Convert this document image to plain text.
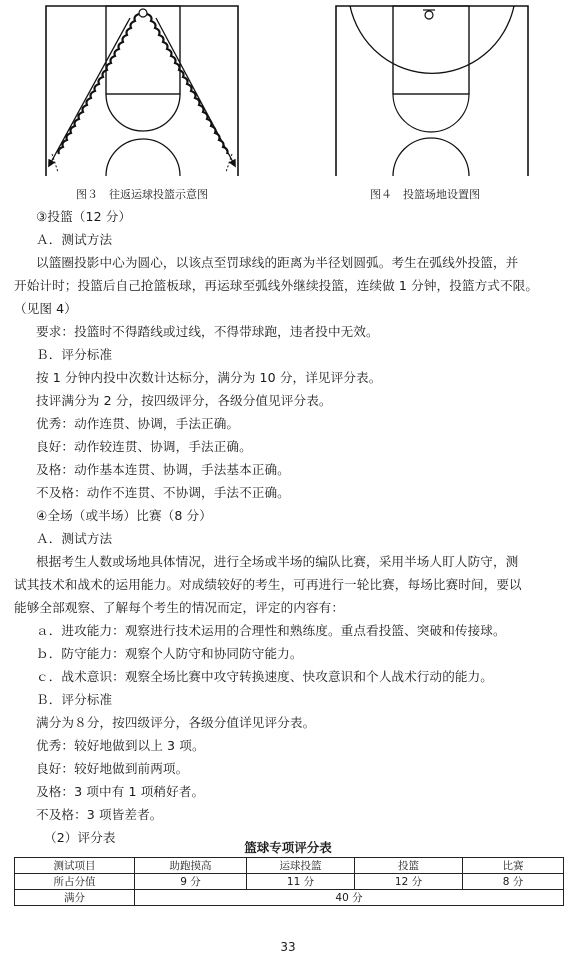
图３　往返运球投篮示意图	图４　投篮场地设置图
③投篮（12 分）
Ａ．测试方法
以篮圈投影中心为圆心，以该点至罚球线的距离为半径划圆弧。考生在弧线外投篮，并
开始计时；投篮后自己抢篮板球，再运球至弧线外继续投篮，连续做 1 分钟，投篮方式不限。
（见图 4）
要求：投篮时不得踏线或过线，不得带球跑，违者投中无效。
Ｂ．评分标准
按 1 分钟内投中次数计达标分，满分为 10 分，详见评分表。
技评满分为 2 分，按四级评分，各级分值见评分表。
优秀：动作连贯、协调，手法正确。
良好：动作较连贯、协调，手法正确。
及格：动作基本连贯、协调，手法基本正确。
不及格：动作不连贯、不协调，手法不正确。
④全场（或半场）比赛（8 分）
Ａ．测试方法
根据考生人数或场地具体情况，进行全场或半场的编队比赛，采用半场人盯人防守，测
试其技术和战术的运用能力。对成绩较好的考生，可再进行一轮比赛，每场比赛时间，要以
能够全部观察、了解每个考生的情况而定，评定的内容有：
ａ．进攻能力：观察进行技术运用的合理性和熟练度。重点看投篮、突破和传接球。
ｂ．防守能力：观察个人防守和协同防守能力。
ｃ．战术意识：观察全场比赛中攻守转换速度、快攻意识和个人战术行动的能力。
Ｂ．评分标准
满分为８分，按四级评分，各级分值详见评分表。
优秀：较好地做到以上 3 项。
良好：较好地做到前两项。
及格：3 项中有 1 项稍好者。
不及格：3 项皆差者。
（2）评分表
篮球专项评分表
测试项目	助跑摸高	运球投篮	投篮	比赛
所占分值	9 分	11 分	12 分	8 分
满分	40 分			
33
